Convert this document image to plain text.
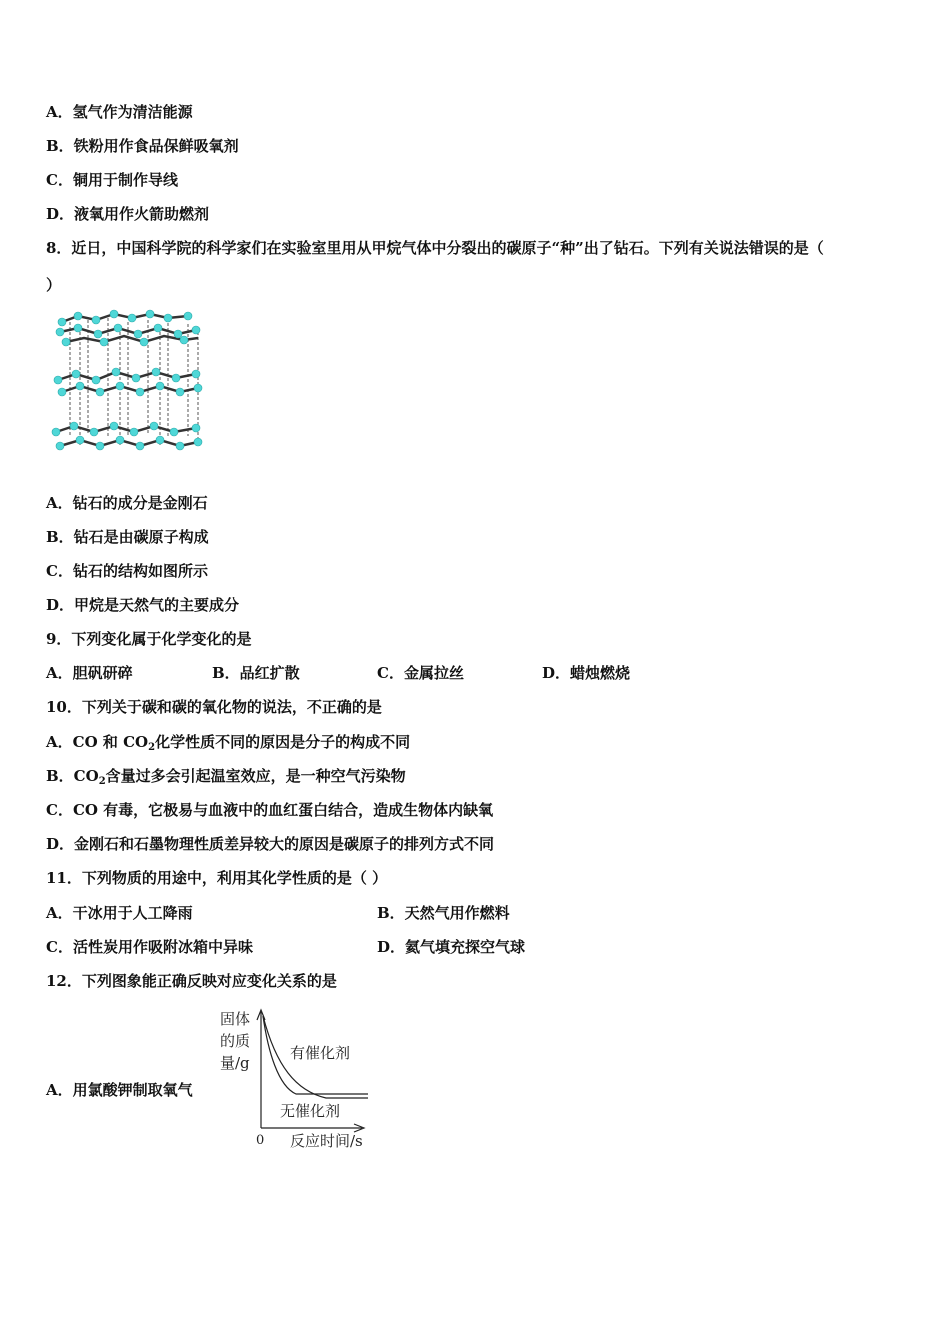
A．氢气作为清洁能源
B．铁粉用作食品保鲜吸氧剂
C．铜用于制作导线
D．液氧用作火箭助燃剂
8．近日，中国科学院的科学家们在实验室里用从甲烷气体中分裂出的碳原子“种”出了钻石。下列有关说法错误的是（
）
A．钻石的成分是金刚石
B．钻石是由碳原子构成
C．钻石的结构如图所示
D．甲烷是天然气的主要成分
9．下列变化属于化学变化的是
A．胆矾研碎	B．品红扩散	C．金属拉丝	D．蜡烛燃烧
10．下列关于碳和碳的氧化物的说法，不正确的是
A．CO 和 $CO_2$化学性质不同的原因是分子的构成不同
B．$CO_2$含量过多会引起温室效应，是一种空气污染物
C．CO 有毒，它极易与血液中的血红蛋白结合，造成生物体内缺氧
D．金刚石和石墨物理性质差异较大的原因是碳原子的排列方式不同
11．下列物质的用途中，利用其化学性质的是（ ）
A．干冰用于人工降雨	B．天然气用作燃料
C．活性炭用作吸附冰箱中异味	D．氦气填充探空气球
12．下列图象能正确反映对应变化关系的是
A．用氯酸钾制取氧气
固体
的质
量/g
0 反应时间/s
有催化剂
无催化剂
